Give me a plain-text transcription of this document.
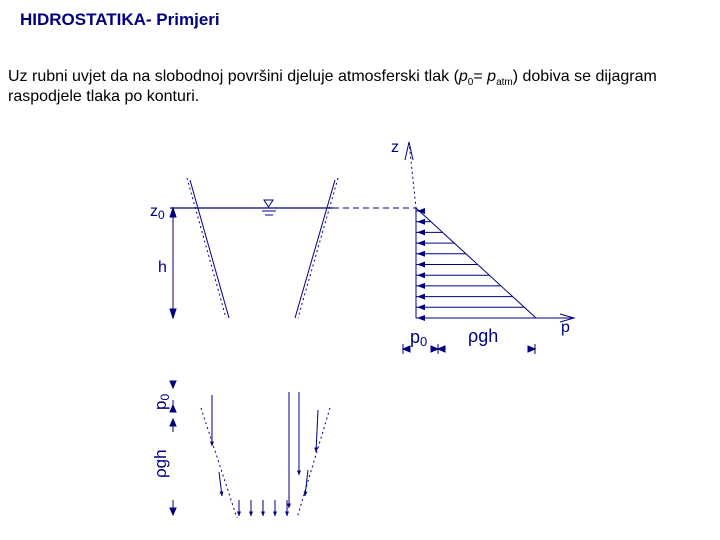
HIDROSTATIKA- Primjeri
Uz rubni uvjet da na slobodnoj površini djeluje atmosferski tlak $(p_0= p_{atm})$ dobiva se dijagram raspodjele tlaka po konturi.
z
z0
h
p0 ρgh	p
p0
ρgh
